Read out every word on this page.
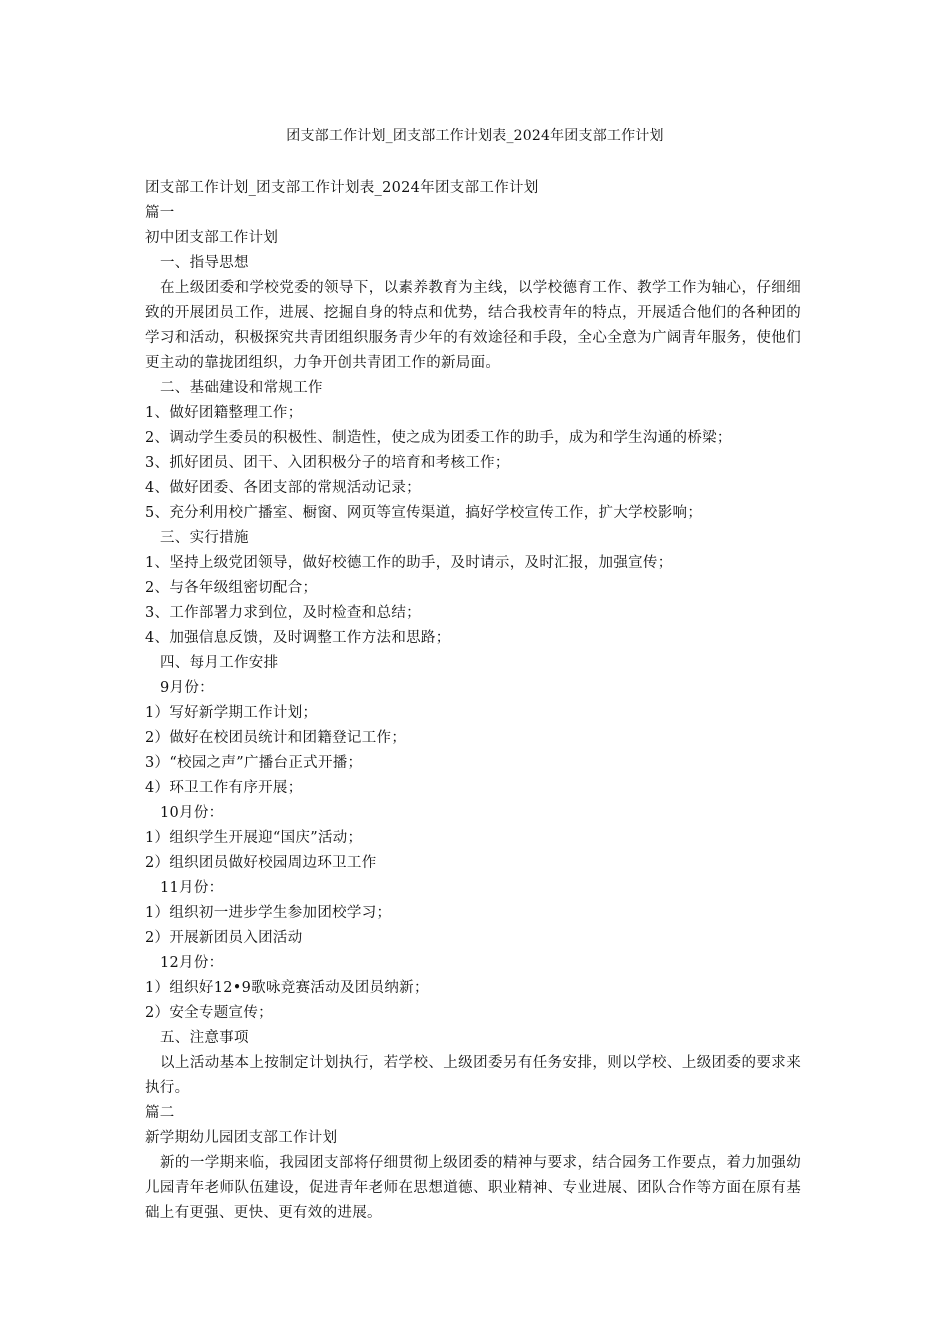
团支部工作计划_团支部工作计划表_2024年团支部工作计划

团支部工作计划_团支部工作计划表_2024年团支部工作计划

篇一

初中团支部工作计划

一、指导思想

在上级团委和学校党委的领导下，以素养教育为主线，以学校德育工作、教学工作为轴心，仔细细致的开展团员工作，进展、挖掘自身的特点和优势，结合我校青年的特点，开展适合他们的各种团的学习和活动，积极探究共青团组织服务青少年的有效途径和手段，全心全意为广阔青年服务，使他们更主动的靠拢团组织，力争开创共青团工作的新局面。

二、基础建设和常规工作

1、做好团籍整理工作；

2、调动学生委员的积极性、制造性，使之成为团委工作的助手，成为和学生沟通的桥梁；

3、抓好团员、团干、入团积极分子的培育和考核工作；

4、做好团委、各团支部的常规活动记录；

5、充分利用校广播室、橱窗、网页等宣传渠道，搞好学校宣传工作，扩大学校影响；

三、实行措施

1、坚持上级党团领导，做好校德工作的助手，及时请示，及时汇报，加强宣传；

2、与各年级组密切配合；

3、工作部署力求到位，及时检查和总结；

4、加强信息反馈，及时调整工作方法和思路；

四、每月工作安排

9月份：

1）写好新学期工作计划；

2）做好在校团员统计和团籍登记工作；

3）“校园之声”广播台正式开播；

4）环卫工作有序开展；

10月份：

1）组织学生开展迎“国庆”活动；

2）组织团员做好校园周边环卫工作

11月份：

1）组织初一进步学生参加团校学习；

2）开展新团员入团活动

12月份：

1）组织好12•9歌咏竞赛活动及团员纳新；

2）安全专题宣传；

五、注意事项

以上活动基本上按制定计划执行，若学校、上级团委另有任务安排，则以学校、上级团委的要求来执行。

篇二

新学期幼儿园团支部工作计划

新的一学期来临，我园团支部将仔细贯彻上级团委的精神与要求，结合园务工作要点，着力加强幼儿园青年老师队伍建设，促进青年老师在思想道德、职业精神、专业进展、团队合作等方面在原有基础上有更强、更快、更有效的进展。
